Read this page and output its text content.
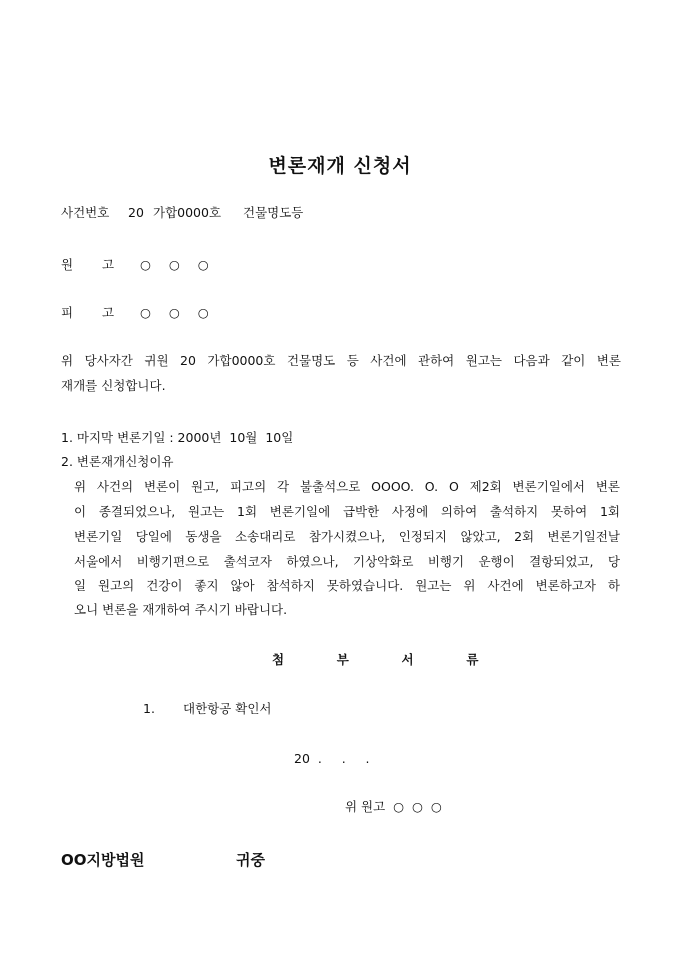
변론재개 신청서
사건번호 20 가합0000호 건물명도등
원 고 ○ ○ ○
피 고 ○ ○ ○
위 당사자간 귀원 20 가합0000호 건물명도 등 사건에 관하여 원고는 다음과 같이 변론
재개를 신청합니다.
1. 마지막 변론기일 : 2000년  10월  10일
2. 변론재개신청이유
위 사건의 변론이 원고, 피고의 각 불출석으로 OOOO. O. O 제2회 변론기일에서 변론
이 종결되었으나, 원고는 1회 변론기일에 급박한 사정에 의하여 출석하지 못하여 1회
변론기일 당일에 동생을 소송대리로 참가시켰으나, 인정되지 않았고, 2회 변론기일전날
서울에서 비행기편으로 출석코자 하였으나, 기상악화로 비행기 운행이 결항되었고, 당
일 원고의 건강이 좋지 않아 참석하지 못하였습니다. 원고는 위 사건에 변론하고자 하
오니 변론을 재개하여 주시기 바랍니다.
첨  부  서  류
1. 대한항공 확인서
20  .     .     .
위 원고  ○  ○  ○
OO지방법원	귀중
